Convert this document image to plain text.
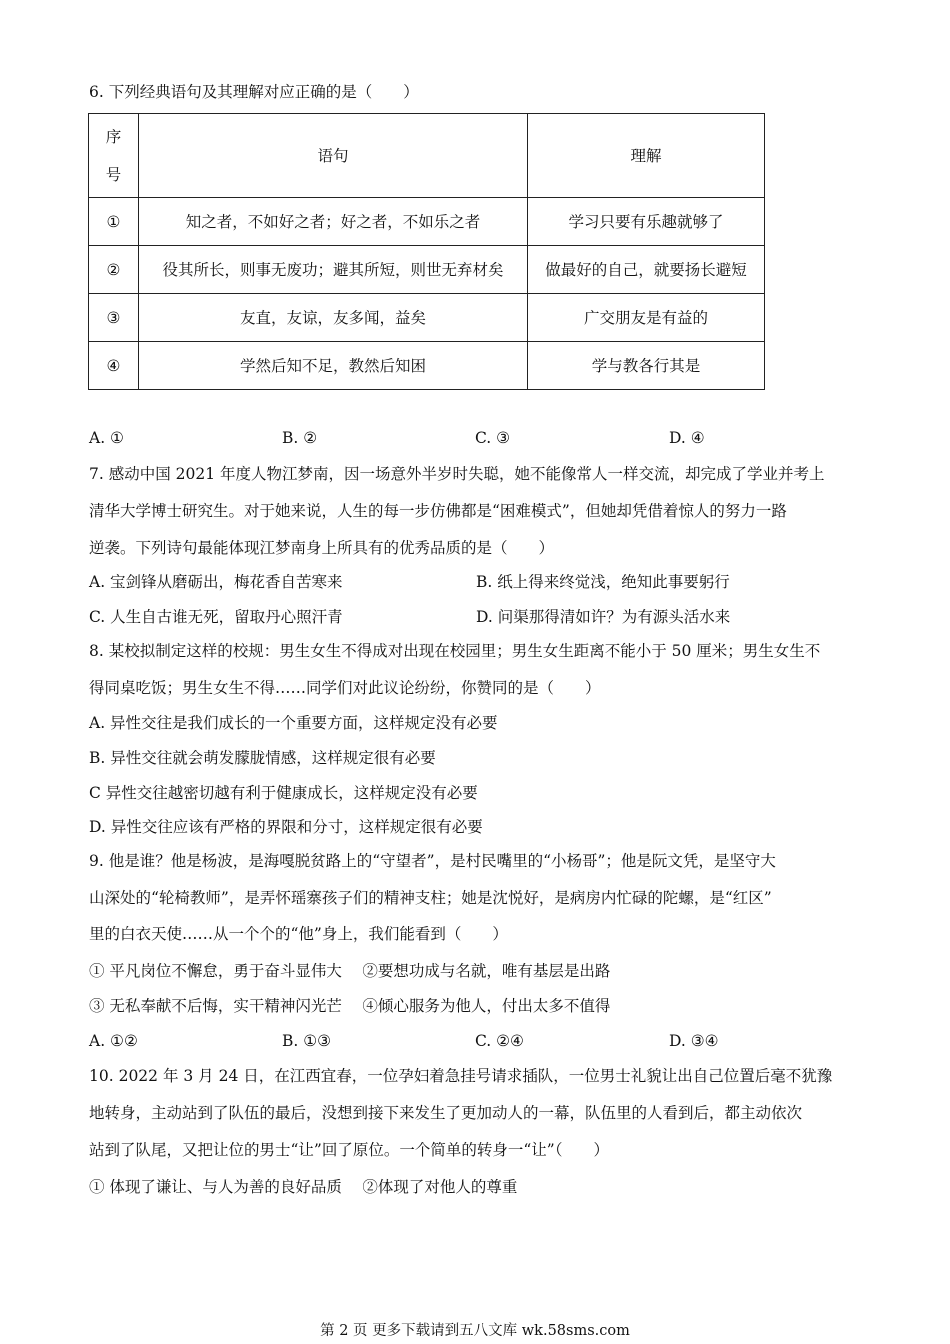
6. 下列经典语句及其理解对应正确的是（　　）
序
号	语句	理解
①	知之者，不如好之者；好之者，不如乐之者	学习只要有乐趣就够了
②	役其所长，则事无废功；避其所短，则世无弃材矣	做最好的自己，就要扬长避短
③	友直，友谅，友多闻，益矣	广交朋友是有益的
④	学然后知不足，教然后知困	学与教各行其是
A. ①	B. ②	C. ③	D. ④
7. 感动中国 2021 年度人物江梦南，因一场意外半岁时失聪，她不能像常人一样交流，却完成了学业并考上
清华大学博士研究生。对于她来说，人生的每一步仿佛都是“困难模式”，但她却凭借着惊人的努力一路
逆袭。下列诗句最能体现江梦南身上所具有的优秀品质的是（　　）
A. 宝剑锋从磨砺出，梅花香自苦寒来	B. 纸上得来终觉浅，绝知此事要躬行
C. 人生自古谁无死，留取丹心照汗青	D. 问渠那得清如许？为有源头活水来
8. 某校拟制定这样的校规：男生女生不得成对出现在校园里；男生女生距离不能小于 50 厘米；男生女生不
得同桌吃饭；男生女生不得……同学们对此议论纷纷，你赞同的是（　　）
A. 异性交往是我们成长的一个重要方面，这样规定没有必要
B. 异性交往就会萌发朦胧情感，这样规定很有必要
C 异性交往越密切越有利于健康成长，这样规定没有必要
D. 异性交往应该有严格的界限和分寸，这样规定很有必要
9. 他是谁？他是杨波，是海嘎脱贫路上的“守望者”，是村民嘴里的“小杨哥”；他是阮文凭，是坚守大
山深处的“轮椅教师”，是弄怀瑶寨孩子们的精神支柱；她是沈悦好，是病房内忙碌的陀螺，是“红区”
里的白衣天使……从一个个的“他”身上，我们能看到（　　）
① 平凡岗位不懈怠，勇于奋斗显伟大　 ②要想功成与名就，唯有基层是出路
③ 无私奉献不后悔，实干精神闪光芒　 ④倾心服务为他人，付出太多不值得
A. ①②	B. ①③	C. ②④	D. ③④
10. 2022 年 3 月 24 日，在江西宜春，一位孕妇着急挂号请求插队，一位男士礼貌让出自己位置后毫不犹豫
地转身，主动站到了队伍的最后，没想到接下来发生了更加动人的一幕，队伍里的人看到后，都主动依次
站到了队尾，又把让位的男士“让”回了原位。一个简单的转身一“让”（　　）
① 体现了谦让、与人为善的良好品质　 ②体现了对他人的尊重
第 2 页 更多下载请到五八文库 wk.58sms.com
